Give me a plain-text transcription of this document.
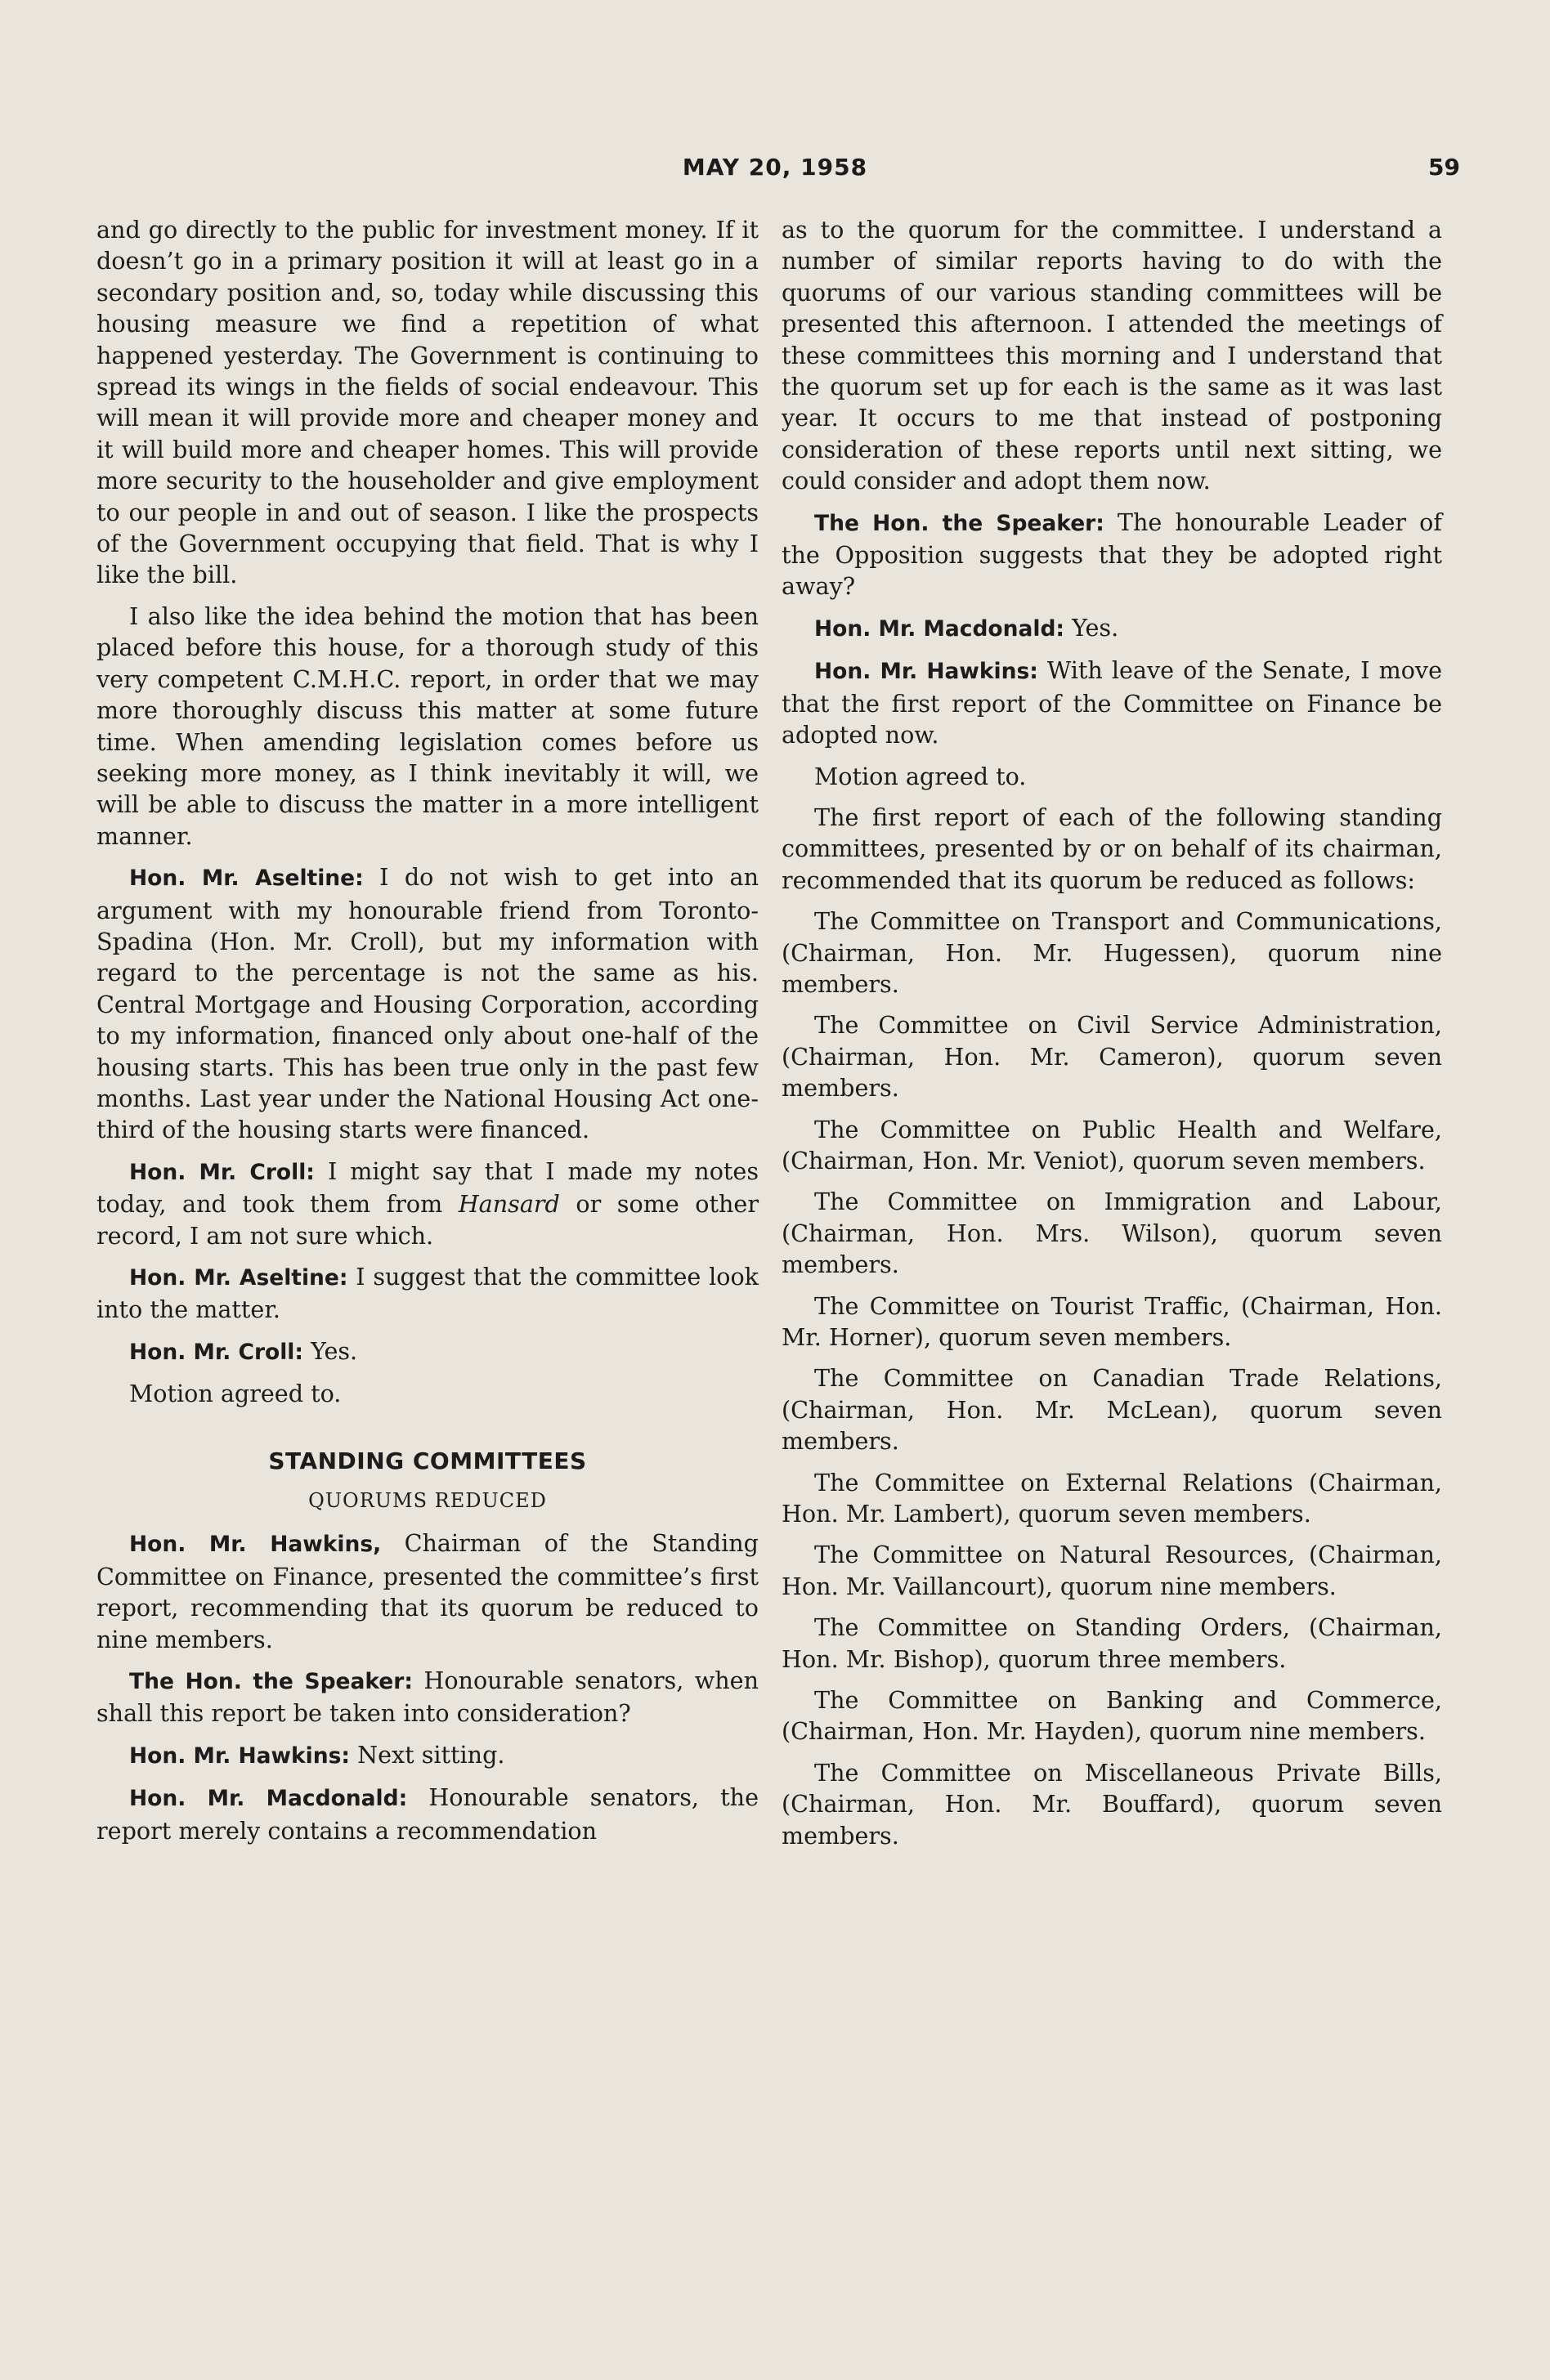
MAY 20, 1958	59

and go directly to the public for investment money. If it doesn’t go in a primary position it will at least go in a secondary position and, so, today while discussing this housing measure we find a repetition of what happened yesterday. The Government is continuing to spread its wings in the fields of social endeavour. This will mean it will provide more and cheaper money and it will build more and cheaper homes. This will provide more security to the householder and give employment to our people in and out of season. I like the prospects of the Government occupying that field. That is why I like the bill.

I also like the idea behind the motion that has been placed before this house, for a thorough study of this very competent C.M.H.C. report, in order that we may more thoroughly discuss this matter at some future time. When amending legislation comes before us seeking more money, as I think inevitably it will, we will be able to discuss the matter in a more intelligent manner.

Hon. Mr. Aseltine: I do not wish to get into an argument with my honourable friend from Toronto-Spadina (Hon. Mr. Croll), but my information with regard to the percentage is not the same as his. Central Mortgage and Housing Corporation, according to my information, financed only about one-half of the housing starts. This has been true only in the past few months. Last year under the National Housing Act one-third of the housing starts were financed.

Hon. Mr. Croll: I might say that I made my notes today, and took them from Hansard or some other record, I am not sure which.

Hon. Mr. Aseltine: I suggest that the committee look into the matter.

Hon. Mr. Croll: Yes.

Motion agreed to.

STANDING COMMITTEES
QUORUMS REDUCED

Hon. Mr. Hawkins, Chairman of the Standing Committee on Finance, presented the committee’s first report, recommending that its quorum be reduced to nine members.

The Hon. the Speaker: Honourable senators, when shall this report be taken into consideration?

Hon. Mr. Hawkins: Next sitting.

Hon. Mr. Macdonald: Honourable senators, the report merely contains a recommendation

as to the quorum for the committee. I understand a number of similar reports having to do with the quorums of our various standing committees will be presented this afternoon. I attended the meetings of these committees this morning and I understand that the quorum set up for each is the same as it was last year. It occurs to me that instead of postponing consideration of these reports until next sitting, we could consider and adopt them now.

The Hon. the Speaker: The honourable Leader of the Opposition suggests that they be adopted right away?

Hon. Mr. Macdonald: Yes.

Hon. Mr. Hawkins: With leave of the Senate, I move that the first report of the Committee on Finance be adopted now.

Motion agreed to.

The first report of each of the following standing committees, presented by or on behalf of its chairman, recommended that its quorum be reduced as follows:

The Committee on Transport and Communications, (Chairman, Hon. Mr. Hugessen), quorum nine members.

The Committee on Civil Service Administration, (Chairman, Hon. Mr. Cameron), quorum seven members.

The Committee on Public Health and Welfare, (Chairman, Hon. Mr. Veniot), quorum seven members.

The Committee on Immigration and Labour, (Chairman, Hon. Mrs. Wilson), quorum seven members.

The Committee on Tourist Traffic, (Chairman, Hon. Mr. Horner), quorum seven members.

The Committee on Canadian Trade Relations, (Chairman, Hon. Mr. McLean), quorum seven members.

The Committee on External Relations (Chairman, Hon. Mr. Lambert), quorum seven members.

The Committee on Natural Resources, (Chairman, Hon. Mr. Vaillancourt), quorum nine members.

The Committee on Standing Orders, (Chairman, Hon. Mr. Bishop), quorum three members.

The Committee on Banking and Commerce, (Chairman, Hon. Mr. Hayden), quorum nine members.

The Committee on Miscellaneous Private Bills, (Chairman, Hon. Mr. Bouffard), quorum seven members.
